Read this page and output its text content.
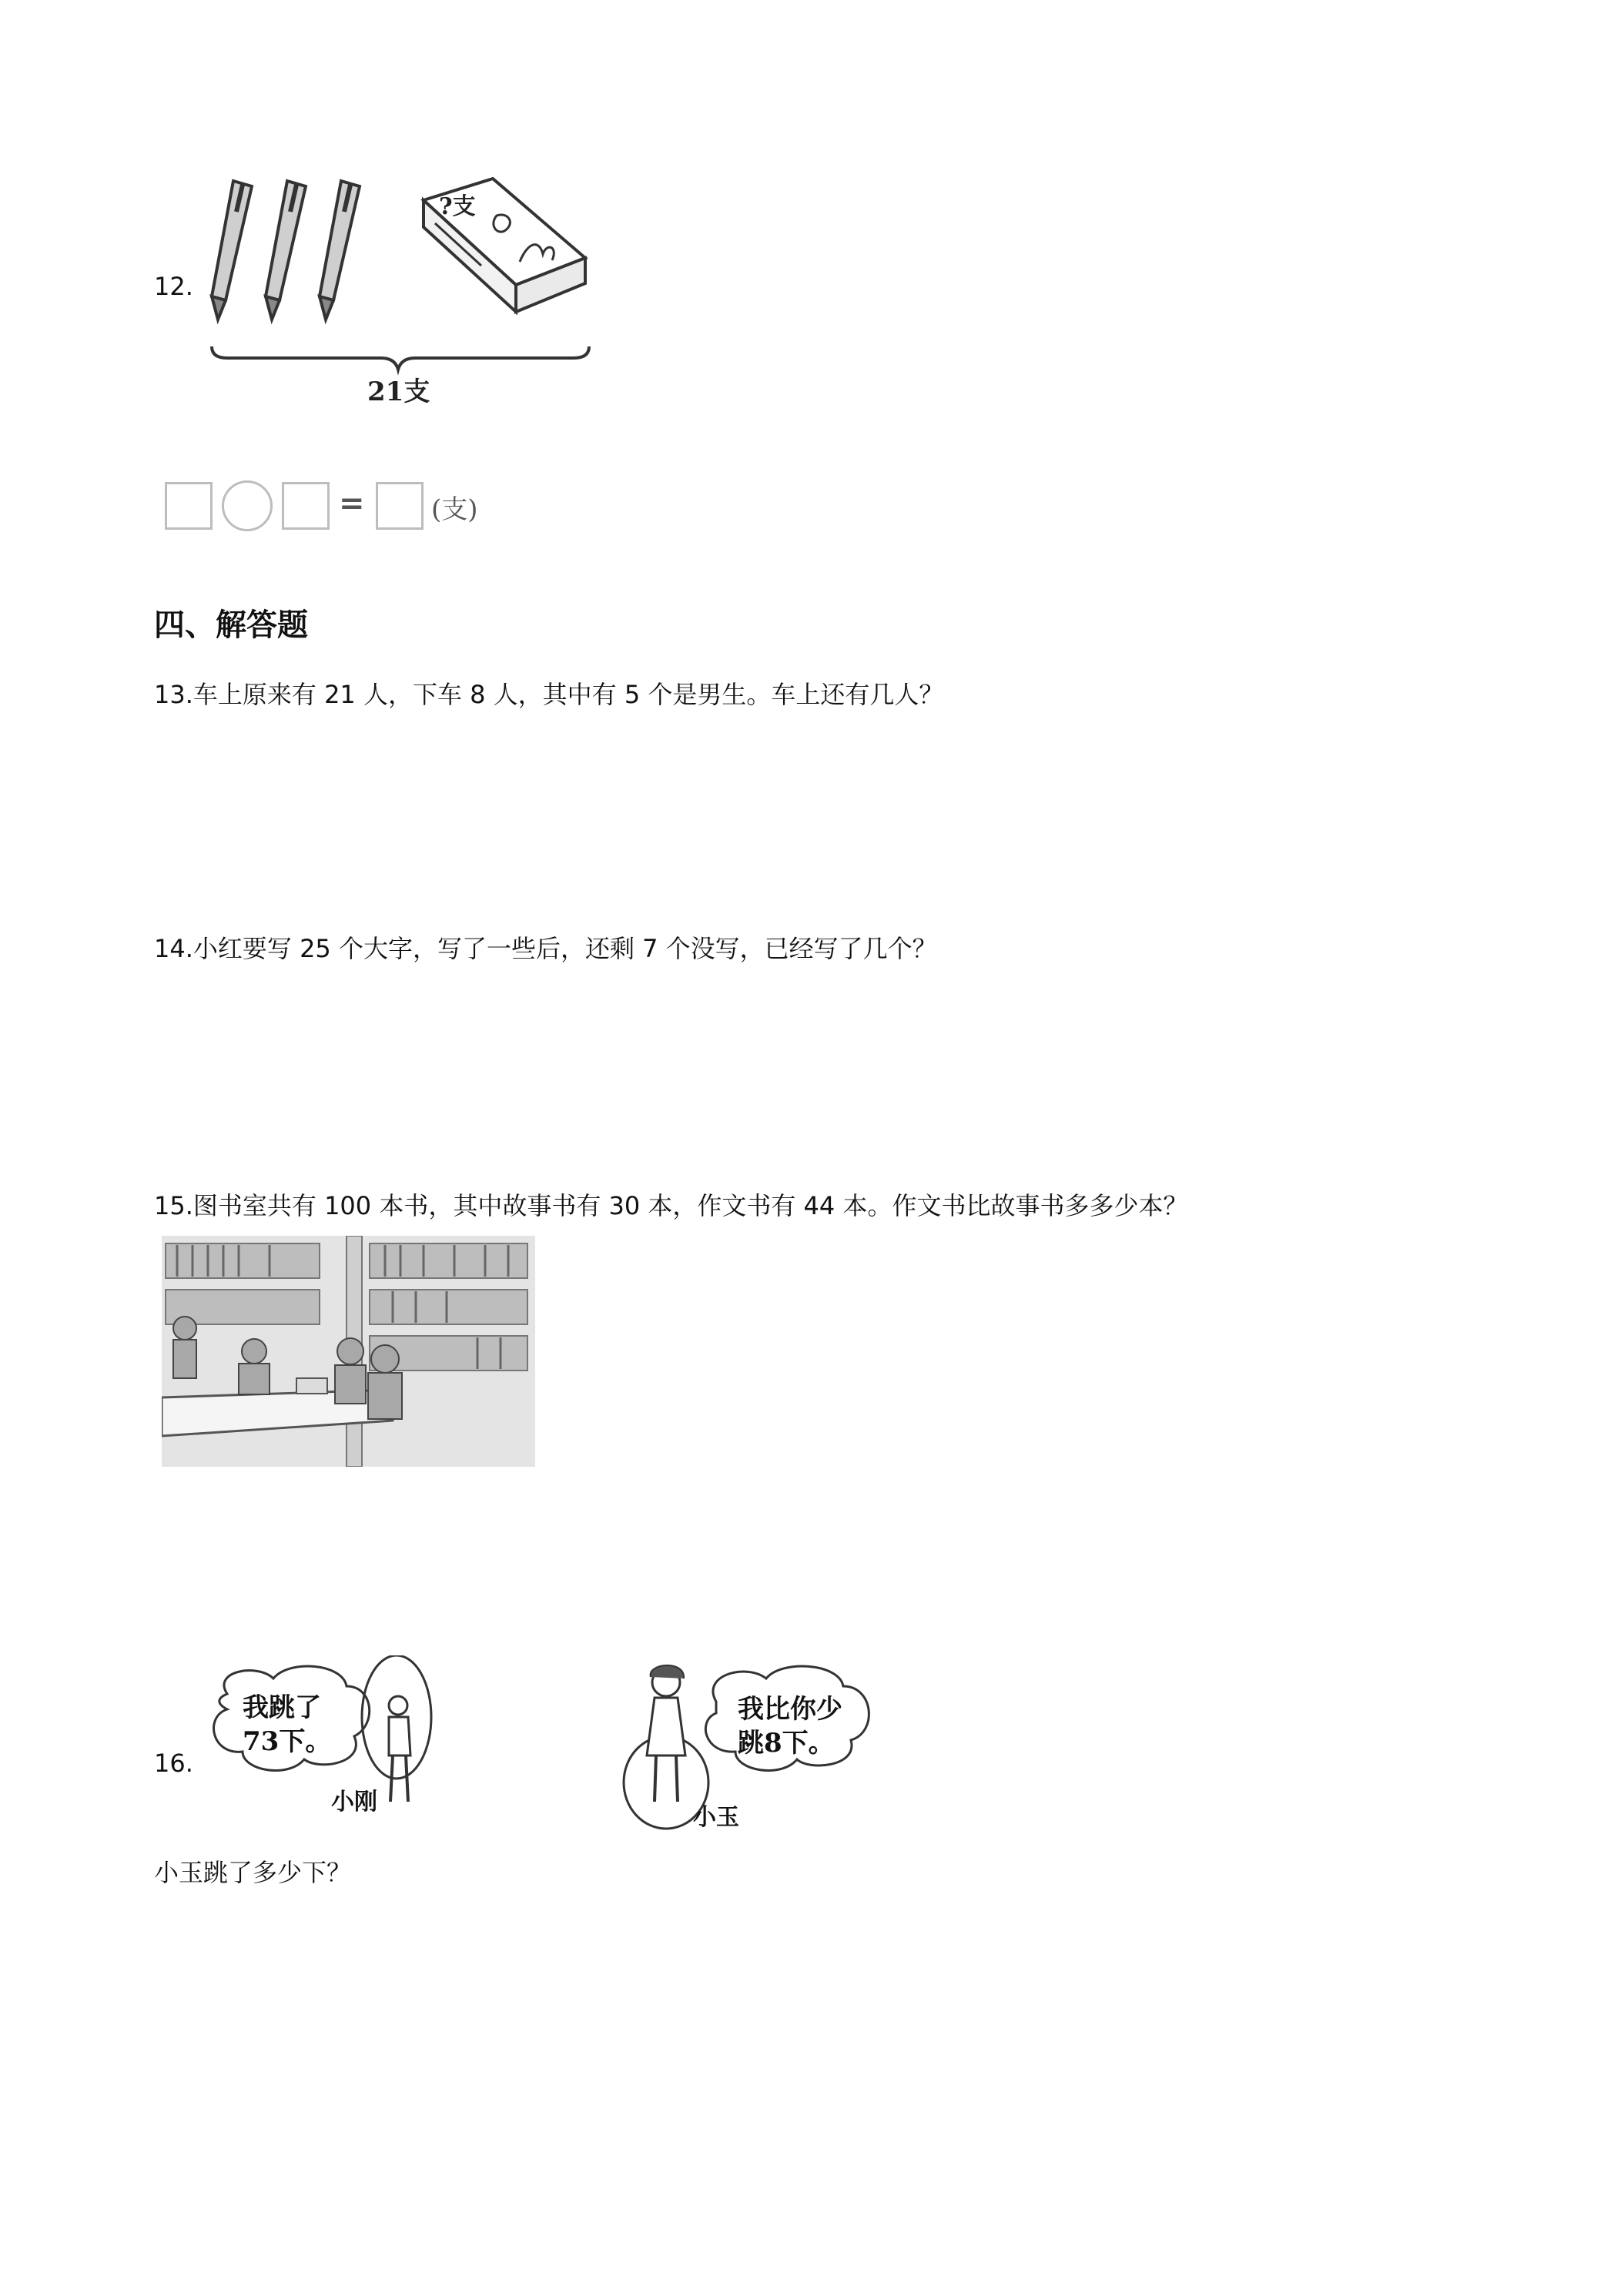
12.
?支
21支
=	(支)
四、解答题
13.车上原来有 21 人，下车 8 人，其中有 5 个是男生。车上还有几人？
14.小红要写 25 个大字，写了一些后，还剩 7 个没写，已经写了几个？
15.图书室共有 100 本书，其中故事书有 30 本，作文书有 44 本。作文书比故事书多多少本？
16.
我跳了
73下。
小刚
我比你少
跳8下。
小玉
小玉跳了多少下？
